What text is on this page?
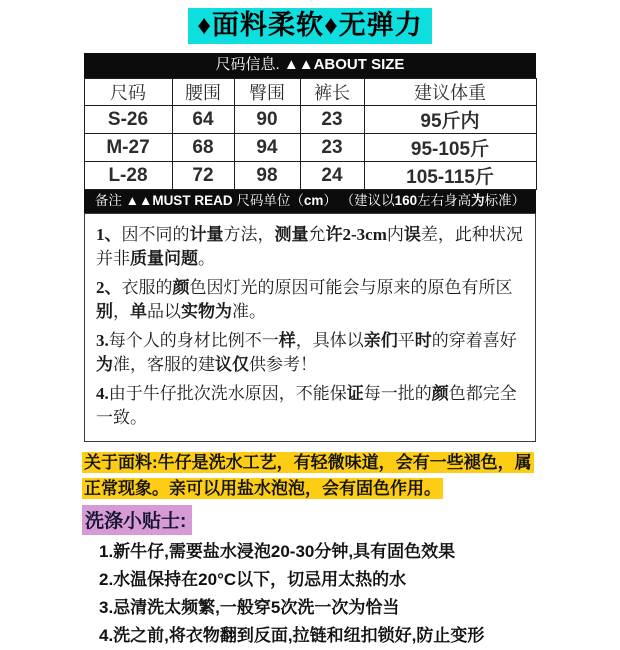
♦面料柔软♦无弹力
尺码信息. ▲▲ABOUT SIZE
尺码	腰围	臀围	裤长	建议体重
S-26	64	90	23	95斤内
M-27	68	94	23	95-105斤
L-28	72	98	24	105-115斤
备注 ▲▲MUST READ 尺码单位（cm） （建议以160左右身高为标准）

1、因不同的计量方法，测量允许2-3cm内误差，此种状况并非质量问题。

2、衣服的颜色因灯光的原因可能会与原来的原色有所区别，单品以实物为准。

3.每个人的身材比例不一样，具体以亲们平时的穿着喜好为准，客服的建议仅供参考！

4.由于牛仔批次洗水原因，不能保证每一批的颜色都完全一致。

关于面料:牛仔是洗水工艺，有轻微味道，会有一些褪色，属正常现象。亲可以用盐水泡泡，会有固色作用。
洗涤小贴士:

1.新牛仔,需要盐水浸泡20-30分钟,具有固色效果

2.水温保持在20°C以下，切忌用太热的水

3.忌清洗太频繁,一般穿5次洗一次为恰当

4.洗之前,将衣物翻到反面,拉链和纽扣锁好,防止变形
